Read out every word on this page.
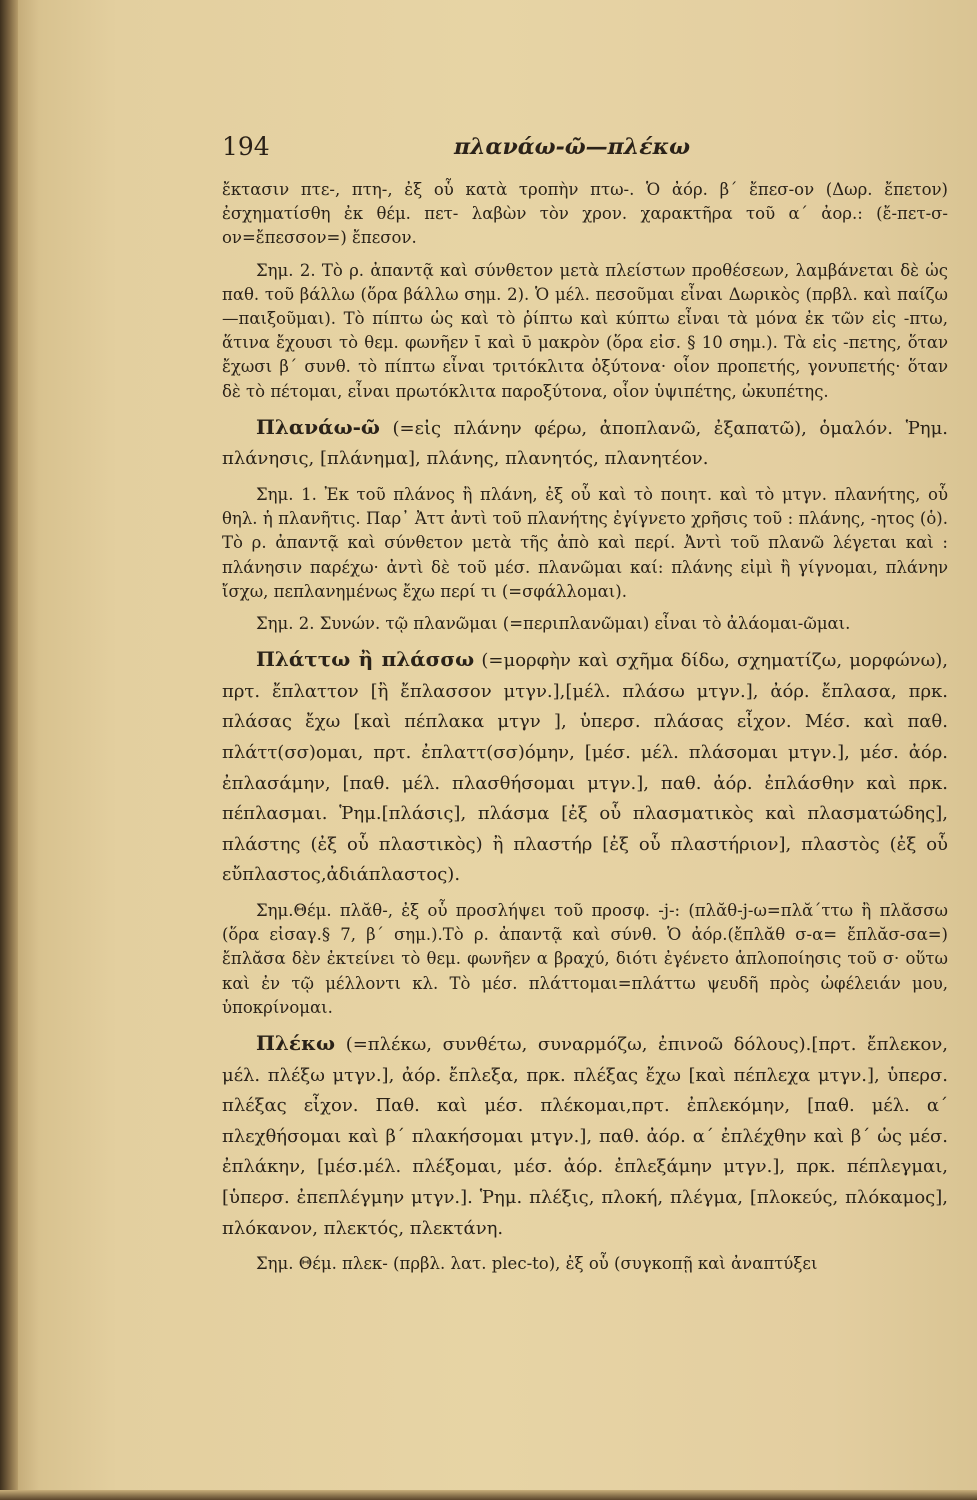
194	πλανάω-ῶ—πλέκω

ἔκτασιν πτε-, πτη-, ἐξ οὗ κατὰ τροπὴν πτω-. Ὁ ἀόρ. β΄ ἔπεσ-ον (Δωρ. ἔπετον) ἐσχηματίσθη ἐκ θέμ. πετ- λαβὼν τὸν χρον. χαρακτῆρα τοῦ α΄ ἀορ.: (ἔ-πετ-σ-ον=ἔπεσσον=) ἔπεσον.

Σημ. 2. Τὸ ρ. ἀπαντᾷ καὶ σύνθετον μετὰ πλείστων προθέσεων, λαμβάνεται δὲ ὡς παθ. τοῦ βάλλω (ὅρα βάλλω σημ. 2). Ὁ μέλ. πεσοῦμαι εἶναι Δωρικὸς (πρβλ. καὶ παίζω—παιξοῦμαι). Τὸ πίπτω ὡς καὶ τὸ ῥίπτω καὶ κύπτω εἶναι τὰ μόνα ἐκ τῶν εἰς -πτω, ἅτινα ἔχουσι τὸ θεμ. φωνῆεν ῑ καὶ ῡ μακρὸν (ὅρα εἰσ. § 10 σημ.). Τὰ εἰς -πετης, ὅταν ἔχωσι β΄ συνθ. τὸ πίπτω εἶναι τριτόκλιτα ὀξύτονα· οἷον προπετής, γονυπετής· ὅταν δὲ τὸ πέτομαι, εἶναι πρωτόκλιτα παροξύτονα, οἷον ὑψιπέτης, ὠκυπέτης.

Πλανάω-ῶ (=εἰς πλάνην φέρω, ἀποπλανῶ, ἐξαπατῶ), ὁμαλόν. Ῥημ. πλάνησις, [πλάνημα], πλάνης, πλανητός, πλανητέον.

Σημ. 1. Ἐκ τοῦ πλάνος ἢ πλάνη, ἐξ οὗ καὶ τὸ ποιητ. καὶ τὸ μτγν. πλανήτης, οὗ θηλ. ἡ πλανῆτις. Παρ᾽ Ἀττ ἀντὶ τοῦ πλανήτης ἐγίγνετο χρῆσις τοῦ : πλάνης, -ητος (ὁ). Τὸ ρ. ἀπαντᾷ καὶ σύνθετον μετὰ τῆς ἀπὸ καὶ περί. Ἀντὶ τοῦ πλανῶ λέγεται καὶ : πλάνησιν παρέχω· ἀντὶ δὲ τοῦ μέσ. πλανῶμαι καί: πλάνης εἰμὶ ἢ γίγνομαι, πλάνην ἴσχω, πεπλανημένως ἔχω περί τι (=σφάλλομαι).

Σημ. 2. Συνών. τῷ πλανῶμαι (=περιπλανῶμαι) εἶναι τὸ ἀλάομαι-ῶμαι.

Πλάττω ἢ πλάσσω (=μορφὴν καὶ σχῆμα δίδω, σχηματίζω, μορφώνω), πρτ. ἔπλαττον [ἢ ἔπλασσον μτγν.],[μέλ. πλάσω μτγν.], ἀόρ. ἔπλασα, πρκ. πλάσας ἔχω [καὶ πέπλακα μτγν ], ὑπερσ. πλάσας εἶχον. Μέσ. καὶ παθ. πλάττ(σσ)ομαι, πρτ. ἐπλαττ(σσ)όμην, [μέσ. μέλ. πλάσομαι μτγν.], μέσ. ἀόρ. ἐπλασάμην, [παθ. μέλ. πλασθήσομαι μτγν.], παθ. ἀόρ. ἐπλάσθην καὶ πρκ. πέπλασμαι. Ῥημ.[πλάσις], πλάσμα [ἐξ οὗ πλασματικὸς καὶ πλασματώδης], πλάστης (ἐξ οὗ πλαστικὸς) ἢ πλαστήρ [ἐξ οὗ πλαστήριον], πλαστὸς (ἐξ οὗ εὔπλαστος,ἀδιάπλαστος).

Σημ.Θέμ. πλᾰθ-, ἐξ οὗ προσλήψει τοῦ προσφ. -j-: (πλᾰθ-j-ω=πλᾰ΄ττω ἢ πλᾰσσω (ὅρα εἰσαγ.§ 7, β΄ σημ.).Τὸ ρ. ἀπαντᾷ καὶ σύνθ. Ὁ ἀόρ.(ἔπλᾰθ σ-α= ἔπλᾰσ-σα=) ἔπλᾰσα δὲν ἐκτείνει τὸ θεμ. φωνῆεν α βραχύ, διότι ἐγένετο ἁπλοποίησις τοῦ σ· οὕτω καὶ ἐν τῷ μέλλοντι κλ. Τὸ μέσ. πλάττομαι=πλάττω ψευδῆ πρὸς ὠφέλειάν μου, ὑποκρίνομαι.

Πλέκω (=πλέκω, συνθέτω, συναρμόζω, ἐπινοῶ δόλους).[πρτ. ἔπλεκον, μέλ. πλέξω μτγν.], ἀόρ. ἔπλεξα, πρκ. πλέξας ἔχω [καὶ πέπλεχα μτγν.], ὑπερσ. πλέξας εἶχον. Παθ. καὶ μέσ. πλέκομαι,πρτ. ἐπλεκόμην, [παθ. μέλ. α΄ πλεχθήσομαι καὶ β΄ πλακήσομαι μτγν.], παθ. ἀόρ. α΄ ἐπλέχθην καὶ β΄ ὡς μέσ. ἐπλάκην, [μέσ.μέλ. πλέξομαι, μέσ. ἀόρ. ἐπλεξάμην μτγν.], πρκ. πέπλεγμαι, [ὑπερσ. ἐπεπλέγμην μτγν.]. Ῥημ. πλέξις, πλοκή, πλέγμα, [πλοκεύς, πλόκαμος], πλόκανον, πλεκτός, πλεκτάνη.

Σημ. Θέμ. πλεκ- (πρβλ. λατ. plec-to), ἐξ οὗ (συγκοπῇ καὶ ἀναπτύξει
